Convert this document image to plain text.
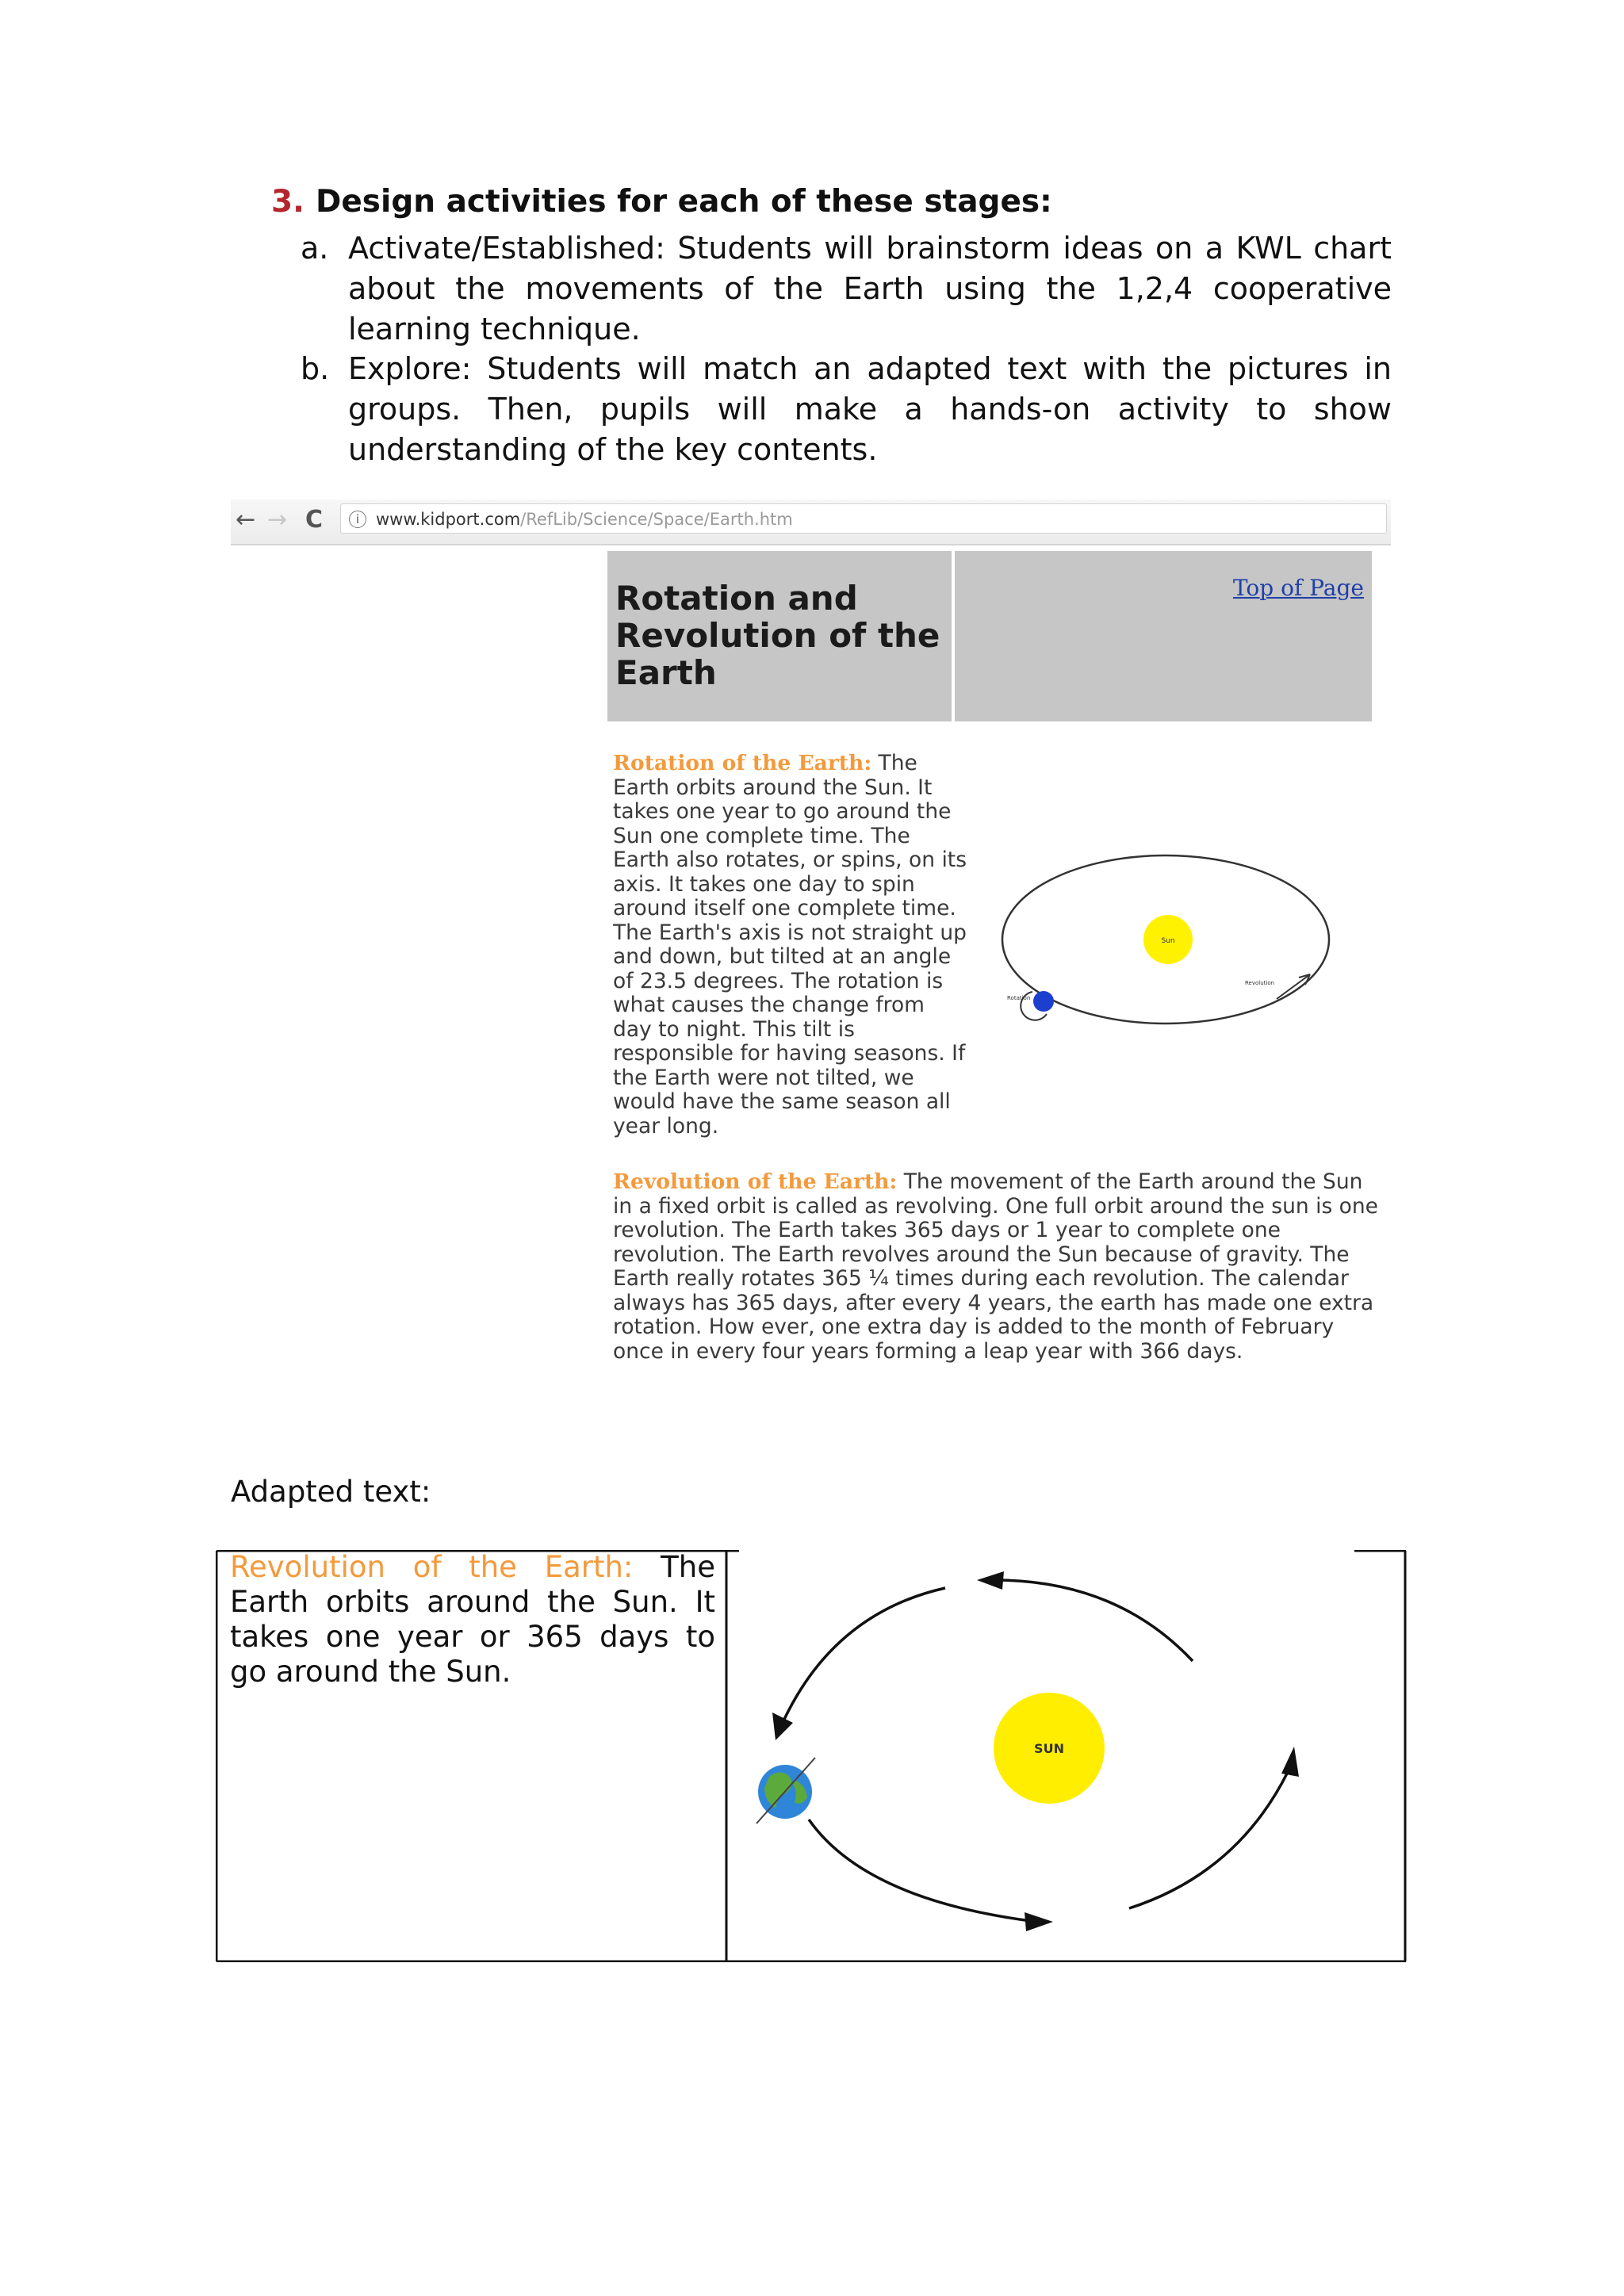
3. Design activities for each of these stages:
a. Activate/Established: Students will brainstorm ideas on a KWL chart about the movements of the Earth using the 1,2,4 cooperative learning technique.
b. Explore: Students will match an adapted text with the pictures in groups. Then, pupils will make a hands-on activity to show understanding of the key contents.
← → C	i www.kidport.com/RefLib/Science/Space/Earth.htm
Rotation and Revolution of the Earth
Top of Page
Rotation of the Earth: The Earth orbits around the Sun. It takes one year to go around the Sun one complete time. The Earth also rotates, or spins, on its axis. It takes one day to spin around itself one complete time. The Earth's axis is not straight up and down, but tilted at an angle of 23.5 degrees. The rotation is what causes the change from day to night. This tilt is responsible for having seasons. If the Earth were not tilted, we would have the same season all year long.
Sun
Rotation
Revolution
Revolution of the Earth: The movement of the Earth around the Sun in a fixed orbit is called as revolving. One full orbit around the sun is one revolution. The Earth takes 365 days or 1 year to complete one revolution. The Earth revolves around the Sun because of gravity. The Earth really rotates 365 ¼ times during each revolution. The calendar always has 365 days, after every 4 years, the earth has made one extra rotation. How ever, one extra day is added to the month of February once in every four years forming a leap year with 366 days.
Adapted text:
Revolution of the Earth: The Earth orbits around the Sun. It takes one year or 365 days to go around the Sun.
SUN
